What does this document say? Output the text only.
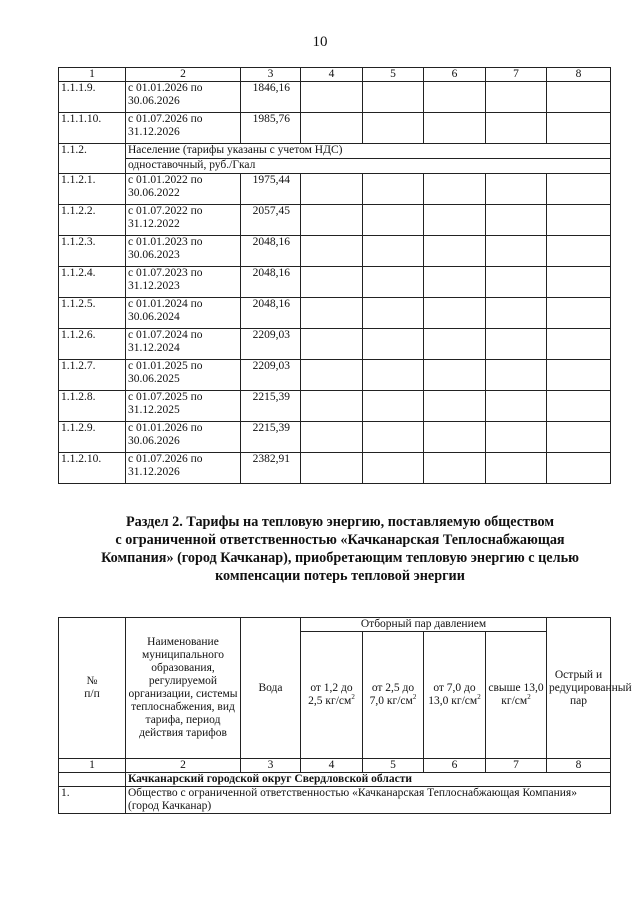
10
1	2	3	4	5	6	7	8
1.1.1.9.	с 01.01.2026 по 30.06.2026	1846,16					
1.1.1.10.	с 01.07.2026 по 31.12.2026	1985,76					
1.1.2.	Население (тарифы указаны с учетом НДС)						
	одноставочный, руб./Гкал						
1.1.2.1.	с 01.01.2022 по 30.06.2022	1975,44					
1.1.2.2.	с 01.07.2022 по 31.12.2022	2057,45					
1.1.2.3.	с 01.01.2023 по 30.06.2023	2048,16					
1.1.2.4.	с 01.07.2023 по 31.12.2023	2048,16					
1.1.2.5.	с 01.01.2024 по 30.06.2024	2048,16					
1.1.2.6.	с 01.07.2024 по 31.12.2024	2209,03					
1.1.2.7.	с 01.01.2025 по 30.06.2025	2209,03					
1.1.2.8.	с 01.07.2025 по 31.12.2025	2215,39					
1.1.2.9.	с 01.01.2026 по 30.06.2026	2215,39					
1.1.2.10.	с 01.07.2026 по 31.12.2026	2382,91					
Раздел 2. Тарифы на тепловую энергию, поставляемую обществом
с ограниченной ответственностью «Качканарская Теплоснабжающая
Компания» (город Качканар), приобретающим тепловую энергию с целью
компенсации потерь тепловой энергии
№
п/п	Наименование муниципального образования, регулируемой организации, системы теплоснабжения, вид тарифа, период действия тарифов	Вода	Отборный пар давлением				Острый и редуцированный пар
			от 1,2 до 2,5 $кг/см^2$	от 2,5 до 7,0 $кг/см^2$	от 7,0 до 13,0 $кг/см^2$	свыше 13,0 $кг/см^2$
1	2	3	4	5	6	7	8
	Качканарский городской округ Свердловской области						
1.	Общество с ограниченной ответственностью «Качканарская Теплоснабжающая Компания» (город Качканар)						
